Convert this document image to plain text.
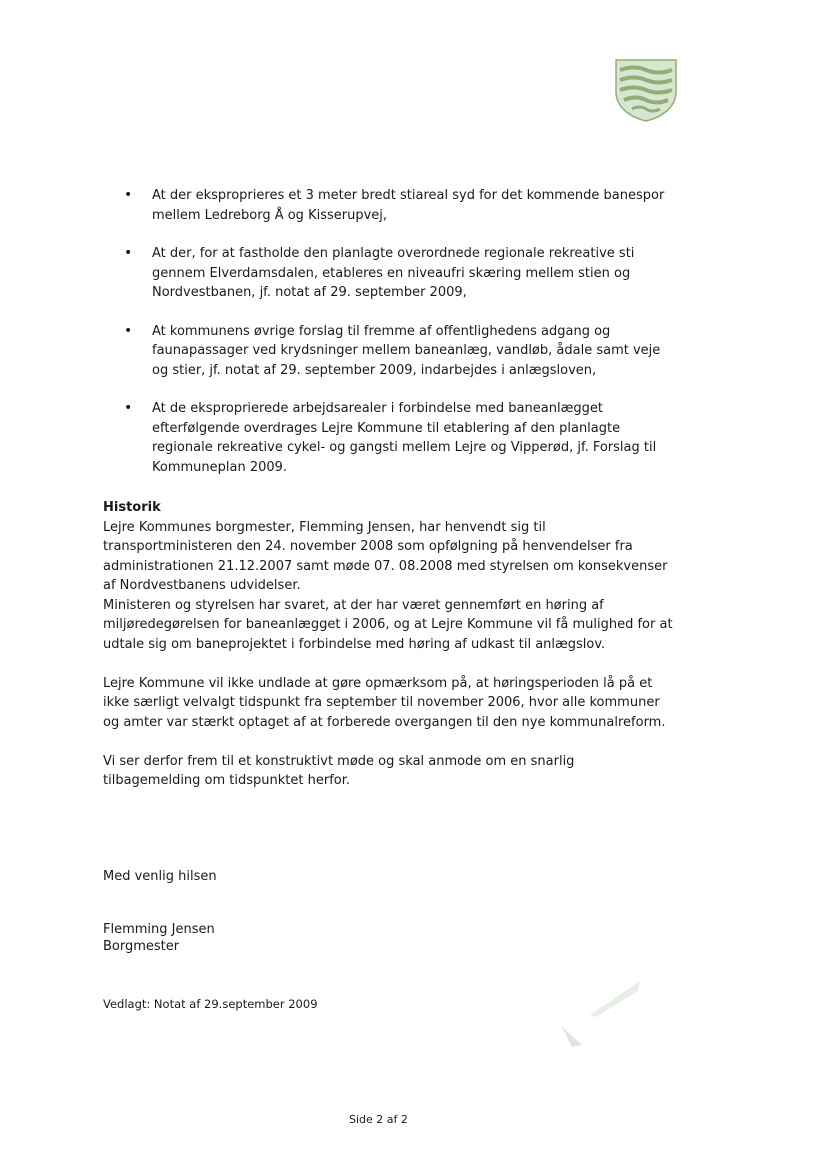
• At der eksproprieres et 3 meter bredt stiareal syd for det kommende banespor mellem Ledreborg Å og Kisserupvej,
• At der, for at fastholde den planlagte overordnede regionale rekreative sti gennem Elverdamsdalen, etableres en niveaufri skæring mellem stien og Nordvestbanen, jf. notat af 29. september 2009,
• At kommunens øvrige forslag til fremme af offentlighedens adgang og faunapassager ved krydsninger mellem baneanlæg, vandløb, ådale samt veje og stier, jf. notat af 29. september 2009, indarbejdes i anlægsloven,
• At de eksproprierede arbejdsarealer i forbindelse med baneanlægget efterfølgende overdrages Lejre Kommune til etablering af den planlagte regionale rekreative cykel- og gangsti mellem Lejre og Vipperød, jf. Forslag til Kommuneplan 2009.
Historik

Lejre Kommunes borgmester, Flemming Jensen, har henvendt sig til transportministeren den 24. november 2008 som opfølgning på henvendelser fra administrationen 21.12.2007 samt møde 07. 08.2008 med styrelsen om konsekvenser af Nordvestbanens udvidelser.

Ministeren og styrelsen har svaret, at der har været gennemført en høring af miljøredegørelsen for baneanlægget i 2006, og at Lejre Kommune vil få mulighed for at udtale sig om baneprojektet i forbindelse med høring af udkast til anlægslov.

Lejre Kommune vil ikke undlade at gøre opmærksom på, at høringsperioden lå på et ikke særligt velvalgt tidspunkt fra september til november 2006, hvor alle kommuner og amter var stærkt optaget af at forberede overgangen til den nye kommunalreform.

Vi ser derfor frem til et konstruktivt møde og skal anmode om en snarlig tilbagemelding om tidspunktet herfor.

Med venlig hilsen
Flemming Jensen
Borgmester
Vedlagt: Notat af 29.september 2009
Side 2 af 2
